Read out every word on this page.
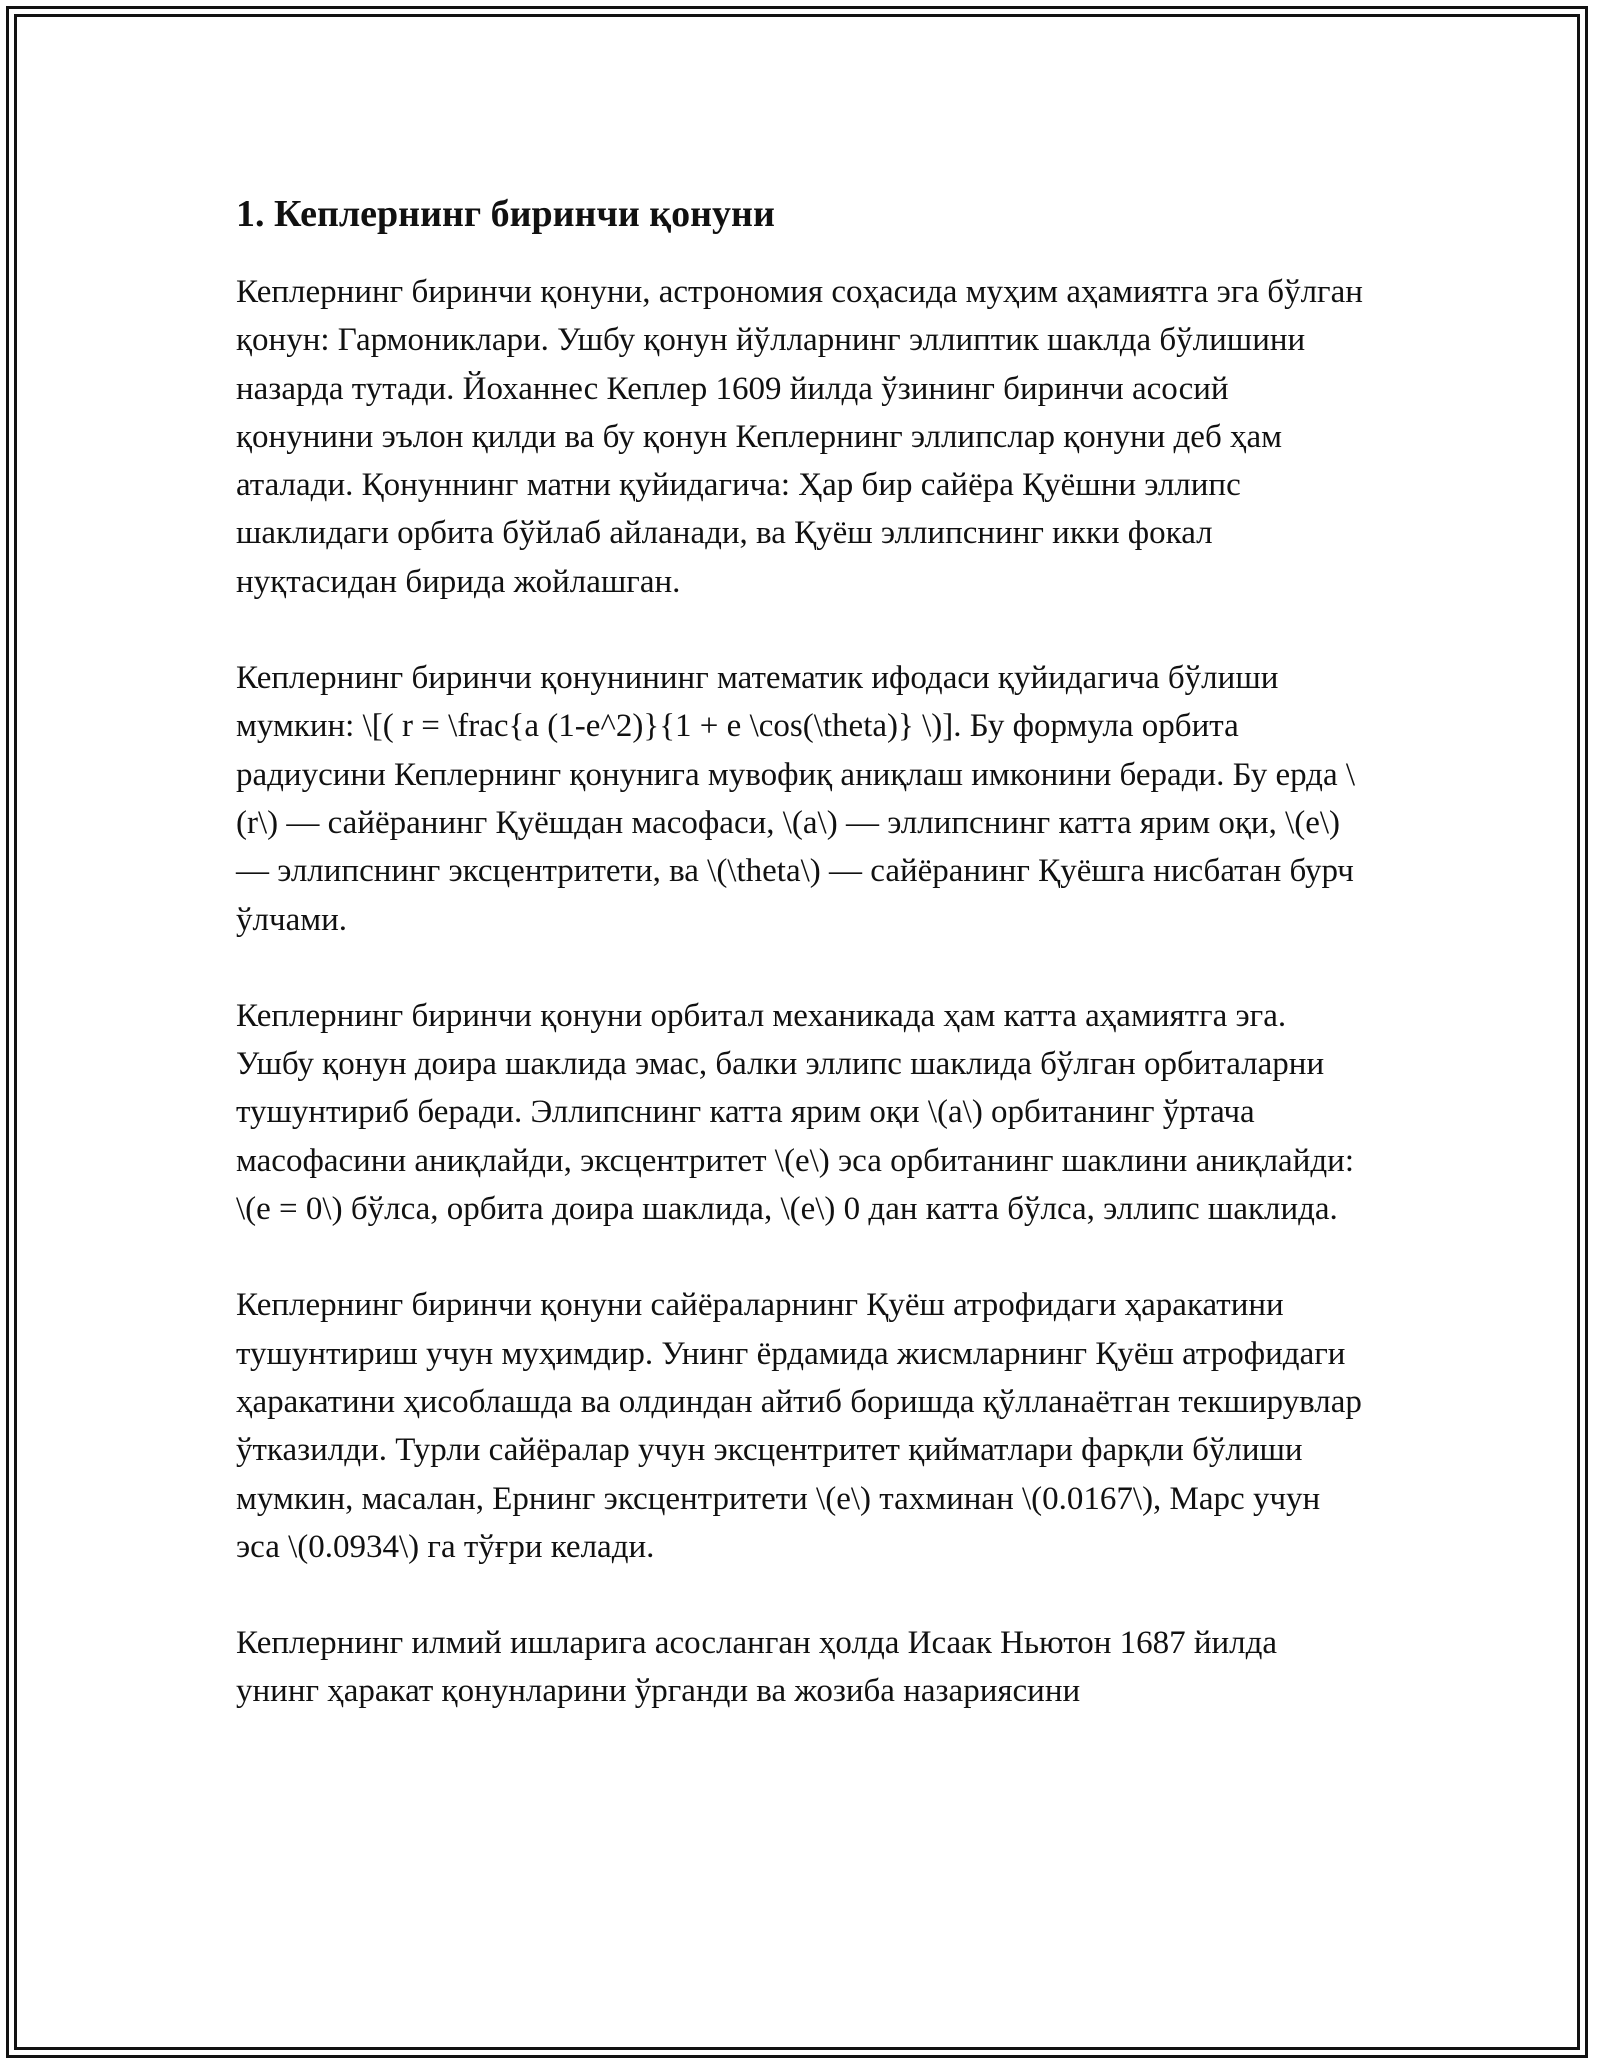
1. Кеплернинг биринчи қонуни

Кеплернинг биринчи қонуни, астрономия соҳасида муҳим аҳамиятга эга бўлган қонун: Гармониклари. Ушбу қонун йўлларнинг эллиптик шаклда бўлишини назарда тутади. Йоханнес Кеплер 1609 йилда ўзининг биринчи асосий қонунини эълон қилди ва бу қонун Кеплернинг эллипслар қонуни деб ҳам аталади. Қонуннинг матни қуйидагича: Ҳар бир сайёра Қуёшни эллипс шаклидаги орбита бўйлаб айланади, ва Қуёш эллипснинг икки фокал нуқтасидан бирида жойлашган.

Кеплернинг биринчи қонунининг математик ифодаси қуйидагича бўлиши мумкин: \[( r = \frac{a (1-e^2)}{1 + e \cos(\theta)} \)]. Бу формула орбита радиусини Кеплернинг қонунига мувофиқ аниқлаш имконини беради. Бу ерда \(r\) — сайёранинг Қуёшдан масофаси, \(a\) — эллипснинг катта ярим оқи, \(e\) — эллипснинг эксцентритети, ва \(\theta\) — сайёранинг Қуёшга нисбатан бурч ўлчами.

Кеплернинг биринчи қонуни орбитал механикада ҳам катта аҳамиятга эга. Ушбу қонун доира шаклида эмас, балки эллипс шаклида бўлган орбиталарни тушунтириб беради. Эллипснинг катта ярим оқи \(a\) орбитанинг ўртача масофасини аниқлайди, эксцентритет \(e\) эса орбитанинг шаклини аниқлайди: \(e = 0\) бўлса, орбита доира шаклида, \(e\) 0 дан катта бўлса, эллипс шаклида.

Кеплернинг биринчи қонуни сайёраларнинг Қуёш атрофидаги ҳаракатини тушунтириш учун муҳимдир. Унинг ёрдамида жисмларнинг Қуёш атрофидаги ҳаракатини ҳисоблашда ва олдиндан айтиб боришда қўлланаётган текширувлар ўтказилди. Турли сайёралар учун эксцентритет қийматлари фарқли бўлиши мумкин, масалан, Ернинг эксцентритети \(e\) тахминан \(0.0167\), Марс учун эса \(0.0934\) га тўғри келади.

Кеплернинг илмий ишларига асосланган ҳолда Исаак Ньютон 1687 йилда унинг ҳаракат қонунларини ўрганди ва жозиба назариясини
